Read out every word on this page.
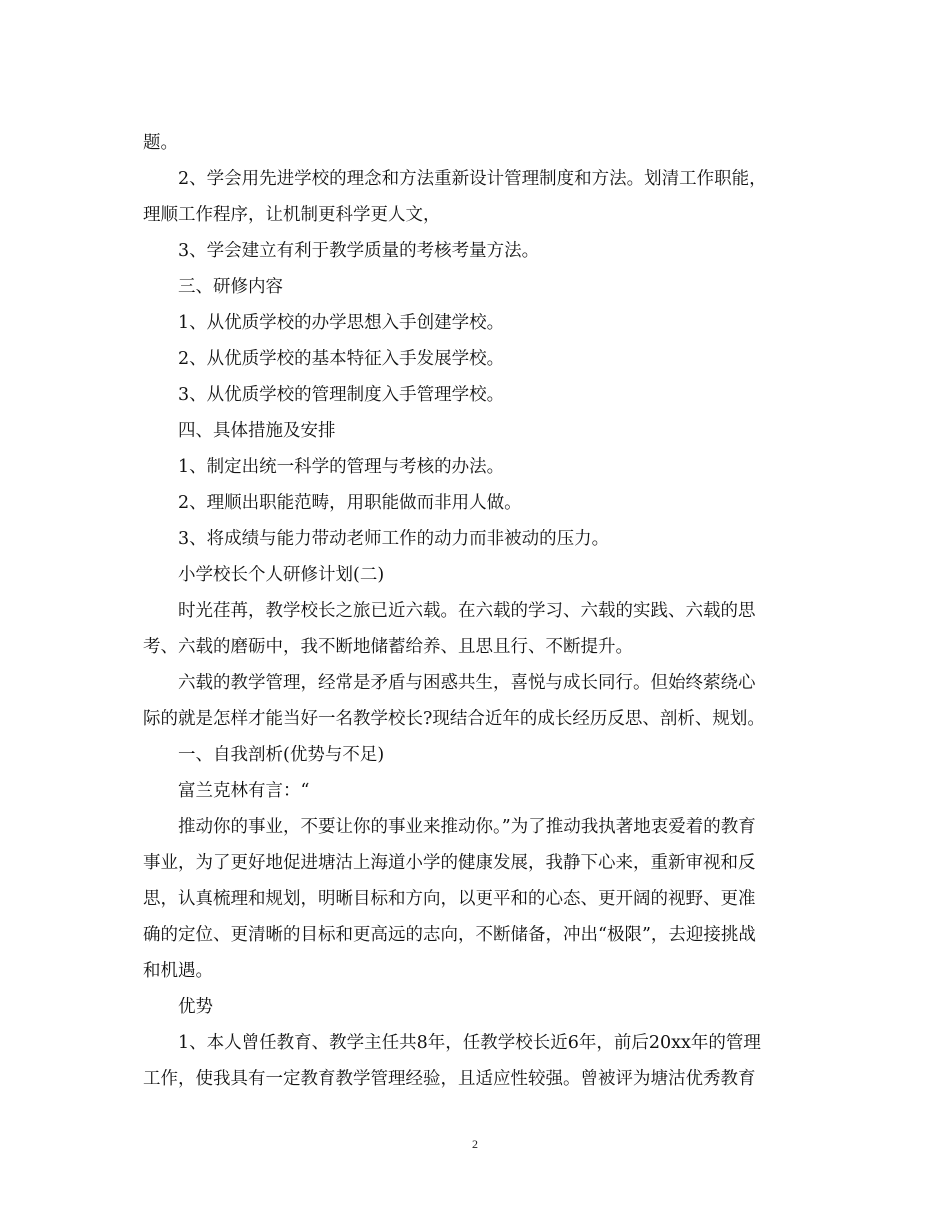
题。

2、学会用先进学校的理念和方法重新设计管理制度和方法。划清工作职能，

理顺工作程序，让机制更科学更人文，

3、学会建立有利于教学质量的考核考量方法。

三、研修内容

1、从优质学校的办学思想入手创建学校。

2、从优质学校的基本特征入手发展学校。

3、从优质学校的管理制度入手管理学校。

四、具体措施及安排

1、制定出统一科学的管理与考核的办法。

2、理顺出职能范畴，用职能做而非用人做。

3、将成绩与能力带动老师工作的动力而非被动的压力。

小学校长个人研修计划(二)

时光荏苒，教学校长之旅已近六载。在六载的学习、六载的实践、六载的思

考、六载的磨砺中，我不断地储蓄给养、且思且行、不断提升。

六载的教学管理，经常是矛盾与困惑共生，喜悦与成长同行。但始终萦绕心

际的就是怎样才能当好一名教学校长?现结合近年的成长经历反思、剖析、规划。

一、自我剖析(优势与不足)

富兰克林有言：“

推动你的事业，不要让你的事业来推动你。”为了推动我执著地衷爱着的教育

事业，为了更好地促进塘沽上海道小学的健康发展，我静下心来，重新审视和反

思，认真梳理和规划，明晰目标和方向，以更平和的心态、更开阔的视野、更准

确的定位、更清晰的目标和更高远的志向，不断储备，冲出“极限”，去迎接挑战

和机遇。

优势

1、本人曾任教育、教学主任共8年，任教学校长近6年，前后20xx年的管理

工作，使我具有一定教育教学管理经验，且适应性较强。曾被评为塘沽优秀教育

2
